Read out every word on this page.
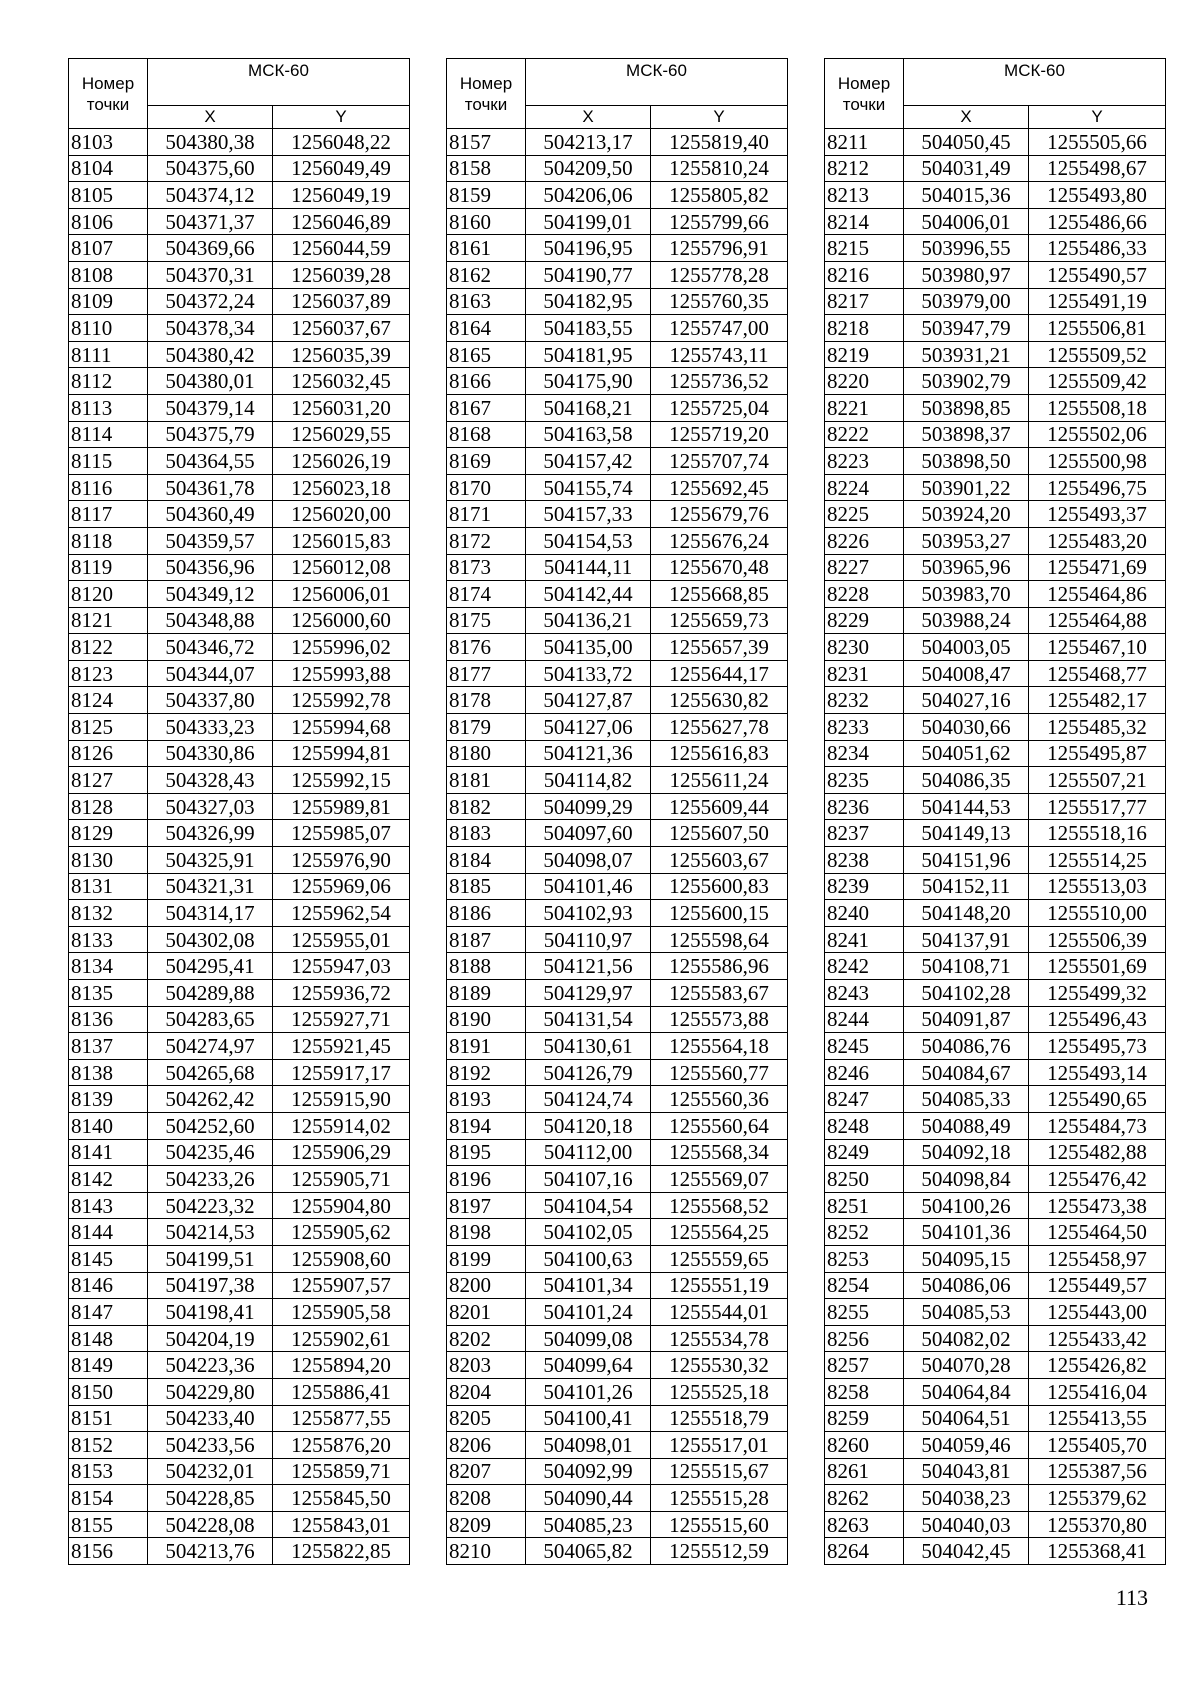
Номер
точки	МСК-60	
	X	Y
8103	504380,38	1256048,22
8104	504375,60	1256049,49
8105	504374,12	1256049,19
8106	504371,37	1256046,89
8107	504369,66	1256044,59
8108	504370,31	1256039,28
8109	504372,24	1256037,89
8110	504378,34	1256037,67
8111	504380,42	1256035,39
8112	504380,01	1256032,45
8113	504379,14	1256031,20
8114	504375,79	1256029,55
8115	504364,55	1256026,19
8116	504361,78	1256023,18
8117	504360,49	1256020,00
8118	504359,57	1256015,83
8119	504356,96	1256012,08
8120	504349,12	1256006,01
8121	504348,88	1256000,60
8122	504346,72	1255996,02
8123	504344,07	1255993,88
8124	504337,80	1255992,78
8125	504333,23	1255994,68
8126	504330,86	1255994,81
8127	504328,43	1255992,15
8128	504327,03	1255989,81
8129	504326,99	1255985,07
8130	504325,91	1255976,90
8131	504321,31	1255969,06
8132	504314,17	1255962,54
8133	504302,08	1255955,01
8134	504295,41	1255947,03
8135	504289,88	1255936,72
8136	504283,65	1255927,71
8137	504274,97	1255921,45
8138	504265,68	1255917,17
8139	504262,42	1255915,90
8140	504252,60	1255914,02
8141	504235,46	1255906,29
8142	504233,26	1255905,71
8143	504223,32	1255904,80
8144	504214,53	1255905,62
8145	504199,51	1255908,60
8146	504197,38	1255907,57
8147	504198,41	1255905,58
8148	504204,19	1255902,61
8149	504223,36	1255894,20
8150	504229,80	1255886,41
8151	504233,40	1255877,55
8152	504233,56	1255876,20
8153	504232,01	1255859,71
8154	504228,85	1255845,50
8155	504228,08	1255843,01
8156	504213,76	1255822,85
Номер
точки	МСК-60	
	X	Y
8157	504213,17	1255819,40
8158	504209,50	1255810,24
8159	504206,06	1255805,82
8160	504199,01	1255799,66
8161	504196,95	1255796,91
8162	504190,77	1255778,28
8163	504182,95	1255760,35
8164	504183,55	1255747,00
8165	504181,95	1255743,11
8166	504175,90	1255736,52
8167	504168,21	1255725,04
8168	504163,58	1255719,20
8169	504157,42	1255707,74
8170	504155,74	1255692,45
8171	504157,33	1255679,76
8172	504154,53	1255676,24
8173	504144,11	1255670,48
8174	504142,44	1255668,85
8175	504136,21	1255659,73
8176	504135,00	1255657,39
8177	504133,72	1255644,17
8178	504127,87	1255630,82
8179	504127,06	1255627,78
8180	504121,36	1255616,83
8181	504114,82	1255611,24
8182	504099,29	1255609,44
8183	504097,60	1255607,50
8184	504098,07	1255603,67
8185	504101,46	1255600,83
8186	504102,93	1255600,15
8187	504110,97	1255598,64
8188	504121,56	1255586,96
8189	504129,97	1255583,67
8190	504131,54	1255573,88
8191	504130,61	1255564,18
8192	504126,79	1255560,77
8193	504124,74	1255560,36
8194	504120,18	1255560,64
8195	504112,00	1255568,34
8196	504107,16	1255569,07
8197	504104,54	1255568,52
8198	504102,05	1255564,25
8199	504100,63	1255559,65
8200	504101,34	1255551,19
8201	504101,24	1255544,01
8202	504099,08	1255534,78
8203	504099,64	1255530,32
8204	504101,26	1255525,18
8205	504100,41	1255518,79
8206	504098,01	1255517,01
8207	504092,99	1255515,67
8208	504090,44	1255515,28
8209	504085,23	1255515,60
8210	504065,82	1255512,59
Номер
точки	МСК-60	
	X	Y
8211	504050,45	1255505,66
8212	504031,49	1255498,67
8213	504015,36	1255493,80
8214	504006,01	1255486,66
8215	503996,55	1255486,33
8216	503980,97	1255490,57
8217	503979,00	1255491,19
8218	503947,79	1255506,81
8219	503931,21	1255509,52
8220	503902,79	1255509,42
8221	503898,85	1255508,18
8222	503898,37	1255502,06
8223	503898,50	1255500,98
8224	503901,22	1255496,75
8225	503924,20	1255493,37
8226	503953,27	1255483,20
8227	503965,96	1255471,69
8228	503983,70	1255464,86
8229	503988,24	1255464,88
8230	504003,05	1255467,10
8231	504008,47	1255468,77
8232	504027,16	1255482,17
8233	504030,66	1255485,32
8234	504051,62	1255495,87
8235	504086,35	1255507,21
8236	504144,53	1255517,77
8237	504149,13	1255518,16
8238	504151,96	1255514,25
8239	504152,11	1255513,03
8240	504148,20	1255510,00
8241	504137,91	1255506,39
8242	504108,71	1255501,69
8243	504102,28	1255499,32
8244	504091,87	1255496,43
8245	504086,76	1255495,73
8246	504084,67	1255493,14
8247	504085,33	1255490,65
8248	504088,49	1255484,73
8249	504092,18	1255482,88
8250	504098,84	1255476,42
8251	504100,26	1255473,38
8252	504101,36	1255464,50
8253	504095,15	1255458,97
8254	504086,06	1255449,57
8255	504085,53	1255443,00
8256	504082,02	1255433,42
8257	504070,28	1255426,82
8258	504064,84	1255416,04
8259	504064,51	1255413,55
8260	504059,46	1255405,70
8261	504043,81	1255387,56
8262	504038,23	1255379,62
8263	504040,03	1255370,80
8264	504042,45	1255368,41
113
